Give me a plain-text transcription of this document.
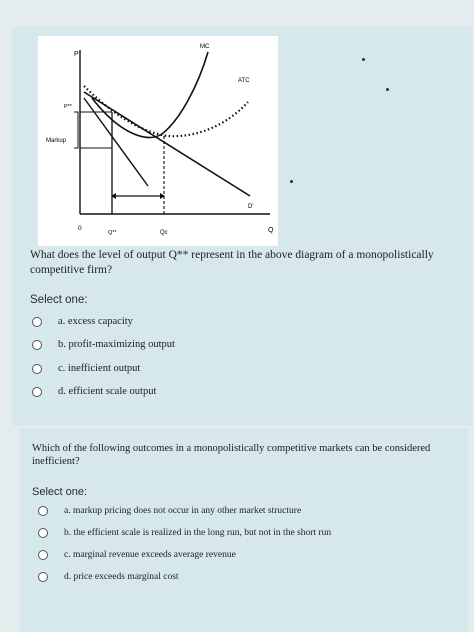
P
P**
Markup
MC
ATC
D'
0
Q**	Qc	Q
What does the level of output Q** represent in the above diagram of a monopolistically competitive firm?
Select one:
a. excess capacity
b. profit-maximizing output
c. inefficient output
d. efficient scale output
Which of the following outcomes in a monopolistically competitive markets can be considered inefficient?
Select one:
a. markup pricing does not occur in any other market structure
b. the efficient scale is realized in the long run, but not in the short run
c. marginal revenue exceeds average revenue
d. price exceeds marginal cost
